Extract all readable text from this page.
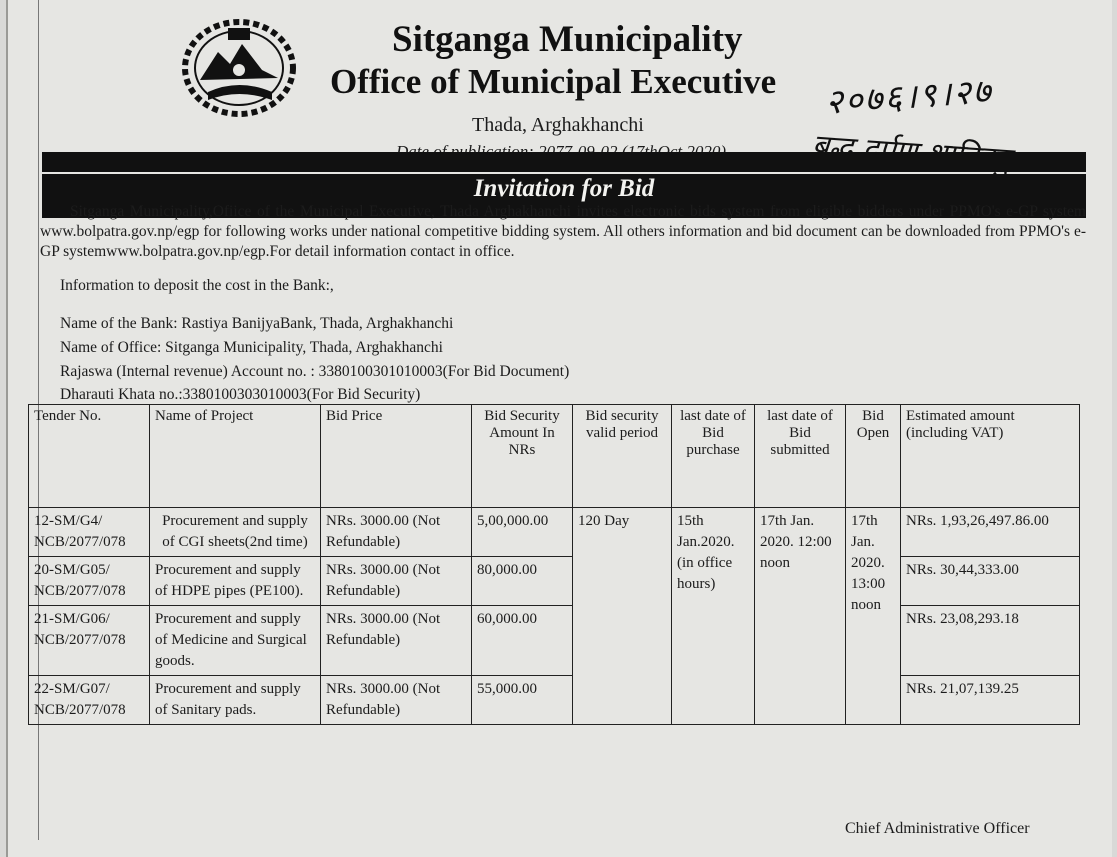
Sitganga Municipality
Office of Municipal Executive
Thada, Arghakhanchi
२०७६।९।२७
Invitation for Bid
Sitganga Municipality,Ofiice of the Municipal Executive, Thada Arghakhanchi invites electronic bids system from eligible bidders under PPMO's e-GP system www.bolpatra.gov.np/egp for following works under national competitive bidding system. All others information and bid document can be downloaded from PPMO's e-GP systemwww.bolpatra.gov.np/egp.For detail information contact in office.
Information to deposit the cost in the Bank:,
Name of the Bank: Rastiya BanijyaBank, Thada, Arghakhanchi
Name of Office: Sitganga Municipality, Thada, Arghakhanchi
Rajaswa (Internal revenue) Account no. : 3380100301010003(For Bid Document)
Dharauti Khata no.:3380100303010003(For Bid Security)
Tender No.	Name of Project	Bid Price	Bid Security Amount In NRs	Bid security valid period	last date of Bid purchase	last date of Bid submitted	Bid Open	Estimated amount (including VAT)
12-SM/G4/ NCB/2077/078	Procurement and supply of CGI sheets(2nd time)	NRs. 3000.00 (Not Refundable)	5,00,000.00	120 Day	15th Jan.2020. (in office hours)	17th Jan. 2020. 12:00 noon	17th Jan. 2020. 13:00 noon	NRs. 1,93,26,497.86.00
20-SM/G05/ NCB/2077/078	Procurement and supply of HDPE pipes (PE100).	NRs. 3000.00 (Not Refundable)	80,000.00					NRs. 30,44,333.00
21-SM/G06/ NCB/2077/078	Procurement and supply of Medicine and Surgical goods.	NRs. 3000.00 (Not Refundable)	60,000.00					NRs. 23,08,293.18
22-SM/G07/ NCB/2077/078	Procurement and supply of Sanitary pads.	NRs. 3000.00 (Not Refundable)	55,000.00					NRs. 21,07,139.25
Chief Administrative Officer
